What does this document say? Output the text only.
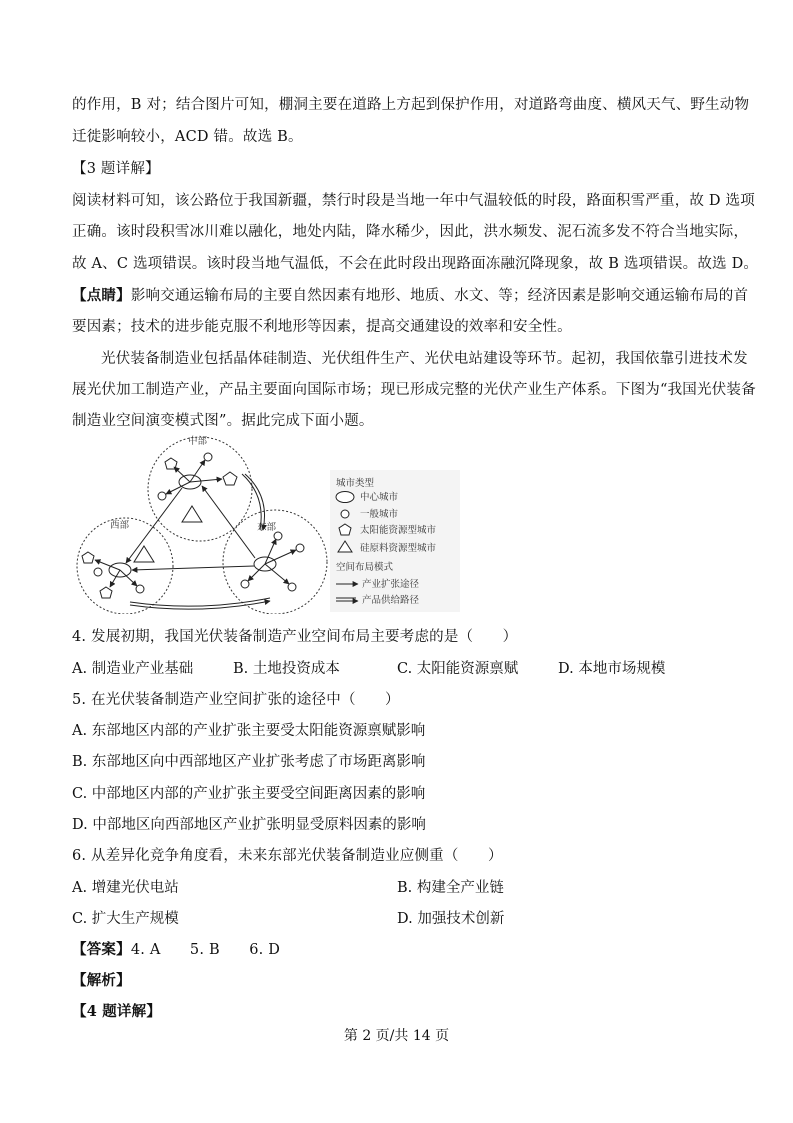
的作用，B 对；结合图片可知，棚洞主要在道路上方起到保护作用，对道路弯曲度、横风天气、野生动物
迁徙影响较小，ACD 错。故选 B。
【3 题详解】
阅读材料可知，该公路位于我国新疆，禁行时段是当地一年中气温较低的时段，路面积雪严重，故 D 选项
正确。该时段积雪冰川难以融化，地处内陆，降水稀少，因此，洪水频发、泥石流多发不符合当地实际，
故 A、C 选项错误。该时段当地气温低，不会在此时段出现路面冻融沉降现象，故 B 选项错误。故选 D。
【点睛】影响交通运输布局的主要自然因素有地形、地质、水文、等；经济因素是影响交通运输布局的首
要因素；技术的进步能克服不利地形等因素，提高交通建设的效率和安全性。
光伏装备制造业包括晶体硅制造、光伏组件生产、光伏电站建设等环节。起初，我国依靠引进技术发
展光伏加工制造产业，产品主要面向国际市场；现已形成完整的光伏产业生产体系。下图为“我国光伏装备
制造业空间演变模式图”。据此完成下面小题。
中部
西部	东部
城市类型
中心城市
一般城市
太阳能资源型城市
硅原料资源型城市
空间布局模式
产业扩张途径
产品供给路径
4. 发展初期，我国光伏装备制造产业空间布局主要考虑的是（　　）
A. 制造业产业基础	B. 土地投资成本	C. 太阳能资源禀赋	D. 本地市场规模
5. 在光伏装备制造产业空间扩张的途径中（　　）
A. 东部地区内部的产业扩张主要受太阳能资源禀赋影响
B. 东部地区向中西部地区产业扩张考虑了市场距离影响
C. 中部地区内部的产业扩张主要受空间距离因素的影响
D. 中部地区向西部地区产业扩张明显受原料因素的影响
6. 从差异化竞争角度看，未来东部光伏装备制造业应侧重（　　）
A. 增建光伏电站	B. 构建全产业链
C. 扩大生产规模	D. 加强技术创新
【答案】4. A　　5. B　　6. D
【解析】
【4 题详解】
第 2 页/共 14 页
